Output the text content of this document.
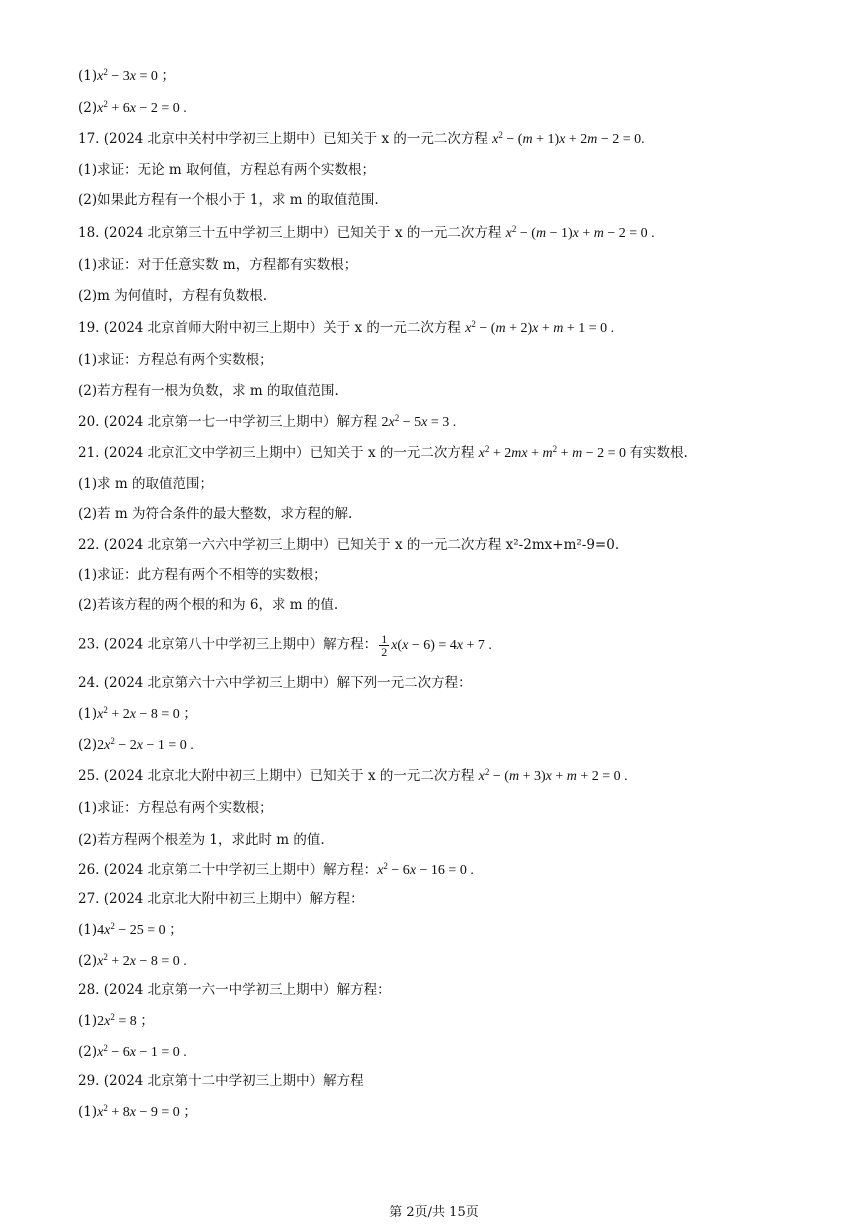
$(1)x^2 - 3x = 0$ ；
$(2)x^2 + 6x - 2 = 0$ .
17. (2024 北京中关村中学初三上期中）已知关于 x 的一元二次方程 $x^2 - (m + 1)x + 2m - 2 = 0$.
(1)求证：无论 m 取何值，方程总有两个实数根；
(2)如果此方程有一个根小于 1，求 m 的取值范围.
18. (2024 北京第三十五中学初三上期中）已知关于 x 的一元二次方程 $x^2 - (m - 1)x + m - 2 = 0$ .
(1)求证：对于任意实数 m，方程都有实数根；
(2)m 为何值时，方程有负数根.
19. (2024 北京首师大附中初三上期中）关于 x 的一元二次方程 $x^2 - (m + 2)x + m + 1 = 0$ .
(1)求证：方程总有两个实数根；
(2)若方程有一根为负数，求 m 的取值范围.
20. (2024 北京第一七一中学初三上期中）解方程 $2x^2 - 5x = 3$ .
21. (2024 北京汇文中学初三上期中）已知关于 x 的一元二次方程 $x^2 + 2mx + m^2 + m - 2 = 0$ 有实数根.
(1)求 m 的取值范围；
(2)若 m 为符合条件的最大整数，求方程的解.
22. (2024 北京第一六六中学初三上期中）已知关于 x 的一元二次方程 x²-2mx+m²-9=0.
(1)求证：此方程有两个不相等的实数根；
(2)若该方程的两个根的和为 6，求 m 的值.
23. (2024 北京第八十中学初三上期中）解方程： $\frac{1}{2} x(x - 6) = 4x + 7$ .
24. (2024 北京第六十六中学初三上期中）解下列一元二次方程：
$(1)x^2 + 2x - 8 = 0$ ；
$(2)2x^2 - 2x - 1 = 0$ .
25. (2024 北京北大附中初三上期中）已知关于 x 的一元二次方程 $x^2 - (m + 3)x + m + 2 = 0$ .
(1)求证：方程总有两个实数根；
(2)若方程两个根差为 1，求此时 m 的值.
26. (2024 北京第二十中学初三上期中）解方程：$x^2 - 6x - 16 = 0$ .
27. (2024 北京北大附中初三上期中）解方程：
$(1)4x^2 - 25 = 0$ ；
$(2)x^2 + 2x - 8 = 0$ .
28. (2024 北京第一六一中学初三上期中）解方程：
$(1)2x^2 = 8$ ；
$(2)x^2 - 6x - 1 = 0$ .
29. (2024 北京第十二中学初三上期中）解方程
$(1)x^2 + 8x - 9 = 0$ ；
第 2页/共 15页
